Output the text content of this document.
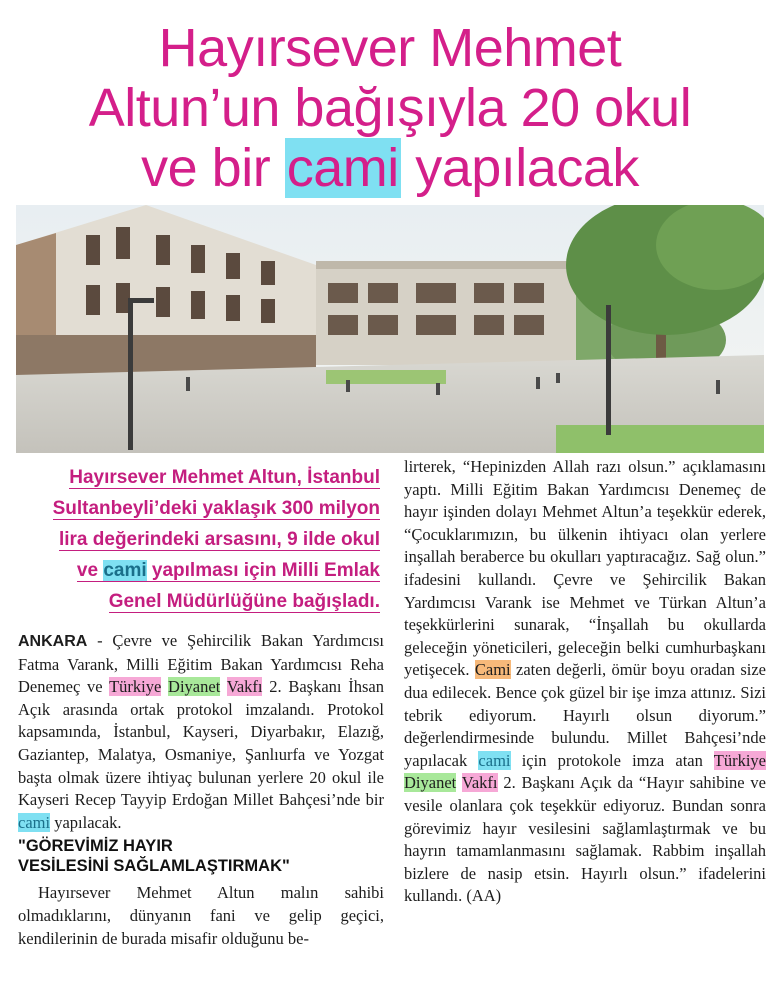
Hayırsever Mehmet
Altun’un bağışıyla 20 okul
ve bir cami yapılacak
Hayırsever Mehmet Altun, İstanbul
Sultanbeyli’deki yaklaşık 300 milyon
lira değerindeki arsasını, 9 ilde okul
ve cami yapılması için Milli Emlak
Genel Müdürlüğüne bağışladı.

ANKARA - Çevre ve Şehircilik Bakan Yardımcısı Fatma Varank, Milli Eğitim Bakan Yardımcısı Reha Denemeç ve Türkiye Diyanet Vakfı 2. Başkanı İhsan Açık arasında ortak protokol imzalandı. Protokol kapsamında, İstanbul, Kayseri, Diyarbakır, Elazığ, Gaziantep, Malatya, Osmaniye, Şanlıurfa ve Yozgat başta olmak üzere ihtiyaç bulunan yerlere 20 okul ile Kayseri Recep Tayyip Erdoğan Millet Bahçesi’nde bir cami yapılacak.

"GÖREVİMİZ HAYIR
VESİLESİNİ SAĞLAMLAŞTIRMAK"

Hayırsever Mehmet Altun malın sahibi olmadıklarını, dünyanın fani ve gelip geçici, kendilerinin de burada misafir olduğunu be-

lirterek, “Hepinizden Allah razı olsun.” açıklamasını yaptı. Milli Eğitim Bakan Yardımcısı Denemeç de hayır işinden dolayı Mehmet Altun’a teşekkür ederek, “Çocuklarımızın, bu ülkenin ihtiyacı olan yerlere inşallah beraberce bu okulları yaptıracağız. Sağ olun.” ifadesini kullandı. Çevre ve Şehircilik Bakan Yardımcısı Varank ise Mehmet ve Türkan Altun’a teşekkürlerini sunarak, “İnşallah bu okullarda geleceğin yöneticileri, geleceğin belki cumhurbaşkanı yetişecek. Cami zaten değerli, ömür boyu oradan size dua edilecek. Bence çok güzel bir işe imza attınız. Sizi tebrik ediyorum. Hayırlı olsun diyorum.” değerlendirmesinde bulundu. Millet Bahçesi’nde yapılacak cami için protokole imza atan Türkiye Diyanet Vakfı 2. Başkanı Açık da “Hayır sahibine ve vesile olanlara çok teşekkür ediyoruz. Bundan sonra görevimiz hayır vesilesini sağlamlaştırmak ve bu hayrın tamamlanmasını sağlamak. Rabbim inşallah bizlere de nasip etsin. Hayırlı olsun.” ifadelerini kullandı. (AA)
